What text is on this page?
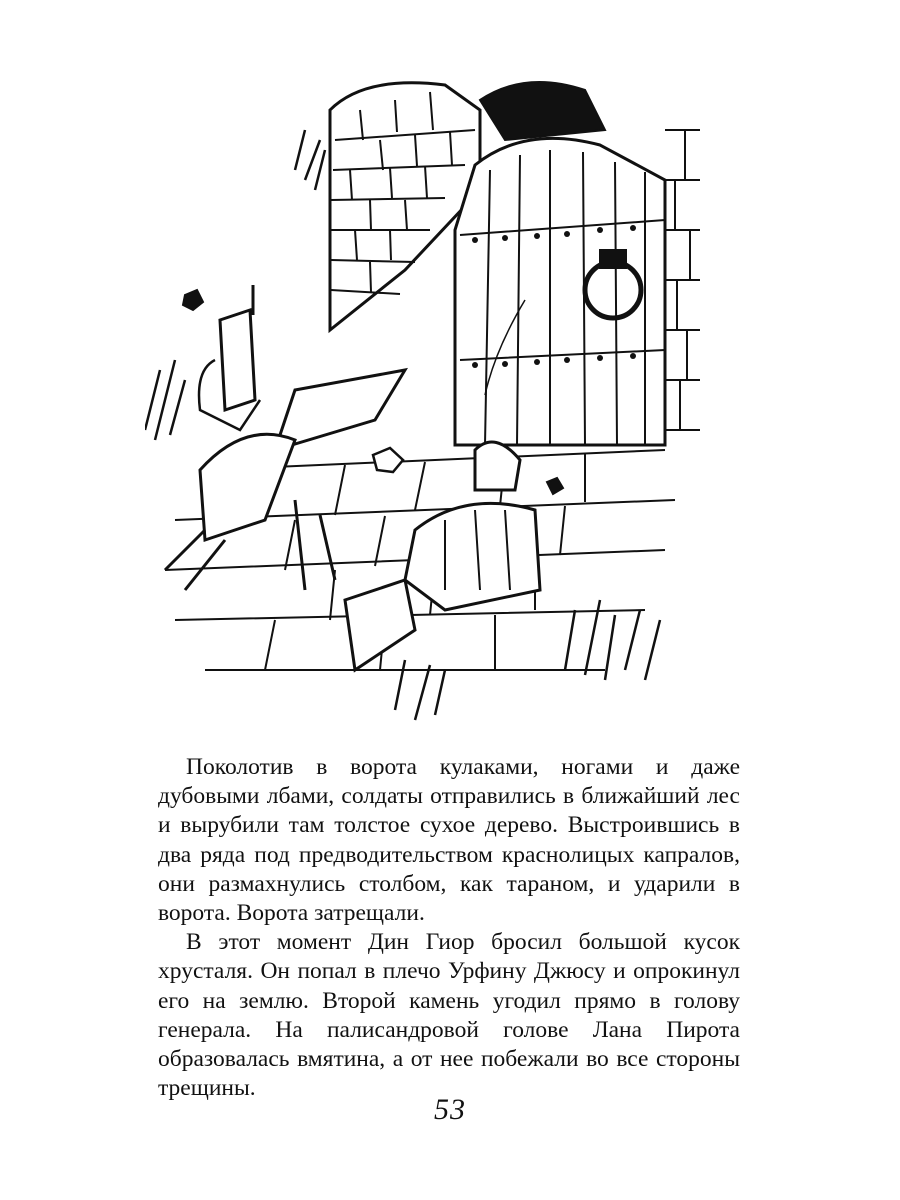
Поколотив в ворота кулаками, ногами и даже дубовыми лбами, солдаты отправились в ближайший лес и вырубили там толстое сухое дерево. Выстроившись в два ряда под предводительством краснолицых капралов, они размахнулись столбом, как тараном, и ударили в ворота. Ворота затрещали.

В этот момент Дин Гиор бросил большой кусок хрусталя. Он попал в плечо Урфину Джюсу и опрокинул его на землю. Второй камень угодил прямо в голову генерала. На палисандровой голове Лана Пирота образовалась вмятина, а от нее побежали во все стороны трещины.

53
